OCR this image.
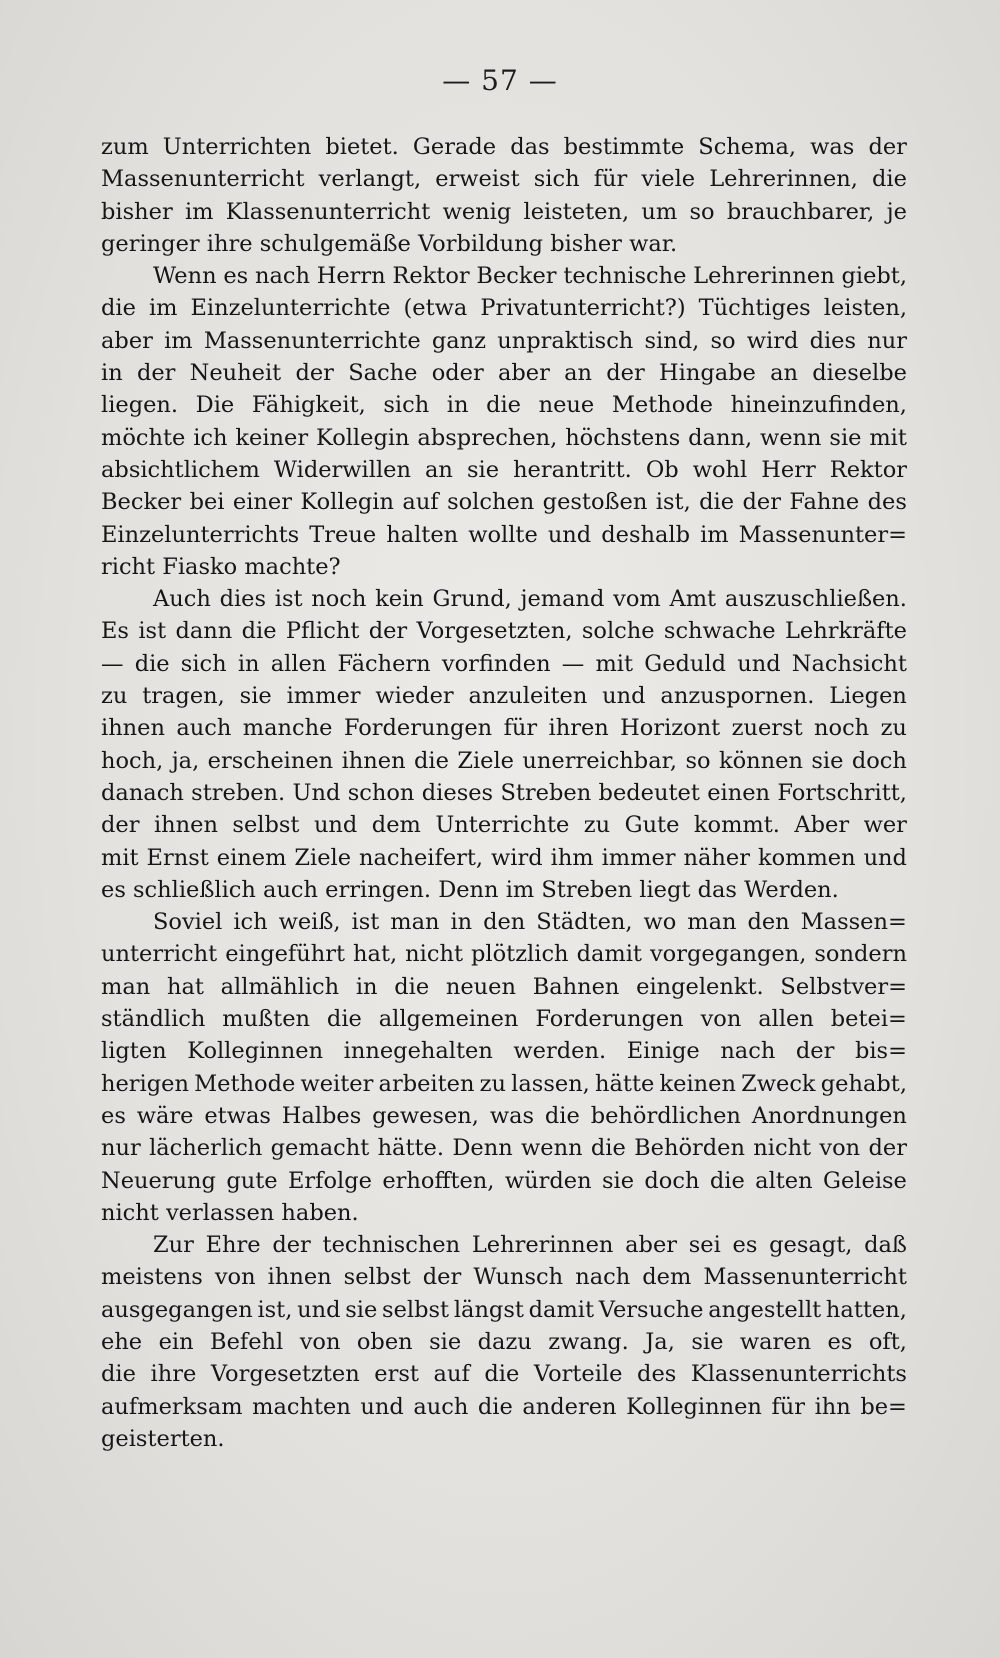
— 57 —
zum Unterrichten bietet. Gerade das bestimmte Schema, was der
Massenunterricht verlangt, erweist sich für viele Lehrerinnen, die
bisher im Klassenunterricht wenig leisteten, um so brauchbarer, je
geringer ihre schulgemäße Vorbildung bisher war.
Wenn es nach Herrn Rektor Becker technische Lehrerinnen giebt,
die im Einzelunterrichte (etwa Privatunterricht?) Tüchtiges leisten,
aber im Massenunterrichte ganz unpraktisch sind, so wird dies nur
in der Neuheit der Sache oder aber an der Hingabe an dieselbe
liegen. Die Fähigkeit, sich in die neue Methode hineinzufinden,
möchte ich keiner Kollegin absprechen, höchstens dann, wenn sie mit
absichtlichem Widerwillen an sie herantritt. Ob wohl Herr Rektor
Becker bei einer Kollegin auf solchen gestoßen ist, die der Fahne des
Einzelunterrichts Treue halten wollte und deshalb im Massenunter=
richt Fiasko machte?
Auch dies ist noch kein Grund, jemand vom Amt auszuschließen.
Es ist dann die Pflicht der Vorgesetzten, solche schwache Lehrkräfte
— die sich in allen Fächern vorfinden — mit Geduld und Nachsicht
zu tragen, sie immer wieder anzuleiten und anzuspornen. Liegen
ihnen auch manche Forderungen für ihren Horizont zuerst noch zu
hoch, ja, erscheinen ihnen die Ziele unerreichbar, so können sie doch
danach streben. Und schon dieses Streben bedeutet einen Fortschritt,
der ihnen selbst und dem Unterrichte zu Gute kommt. Aber wer
mit Ernst einem Ziele nacheifert, wird ihm immer näher kommen und
es schließlich auch erringen. Denn im Streben liegt das Werden.
Soviel ich weiß, ist man in den Städten, wo man den Massen=
unterricht eingeführt hat, nicht plötzlich damit vorgegangen, sondern
man hat allmählich in die neuen Bahnen eingelenkt. Selbstver=
ständlich mußten die allgemeinen Forderungen von allen betei=
ligten Kolleginnen innegehalten werden. Einige nach der bis=
herigen Methode weiter arbeiten zu lassen, hätte keinen Zweck gehabt,
es wäre etwas Halbes gewesen, was die behördlichen Anordnungen
nur lächerlich gemacht hätte. Denn wenn die Behörden nicht von der
Neuerung gute Erfolge erhofften, würden sie doch die alten Geleise
nicht verlassen haben.
Zur Ehre der technischen Lehrerinnen aber sei es gesagt, daß
meistens von ihnen selbst der Wunsch nach dem Massenunterricht
ausgegangen ist, und sie selbst längst damit Versuche angestellt hatten,
ehe ein Befehl von oben sie dazu zwang. Ja, sie waren es oft,
die ihre Vorgesetzten erst auf die Vorteile des Klassenunterrichts
aufmerksam machten und auch die anderen Kolleginnen für ihn be=
geisterten.
